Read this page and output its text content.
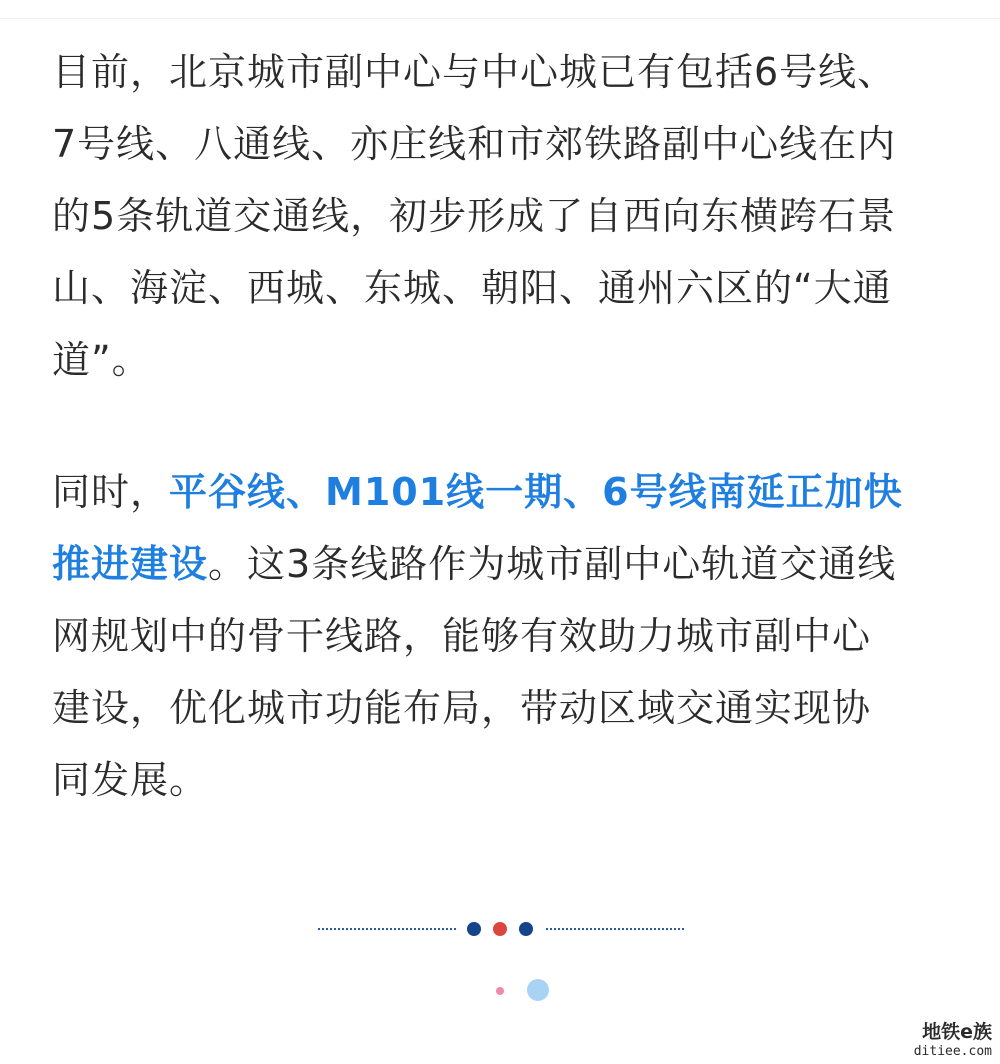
目前，北京城市副中心与中心城已有包括6号线、
7号线、八通线、亦庄线和市郊铁路副中心线在内
的5条轨道交通线，初步形成了自西向东横跨石景
山、海淀、西城、东城、朝阳、通州六区的“大通
道”。
同时，平谷线、M101线一期、6号线南延正加快
推进建设。这3条线路作为城市副中心轨道交通线
网规划中的骨干线路，能够有效助力城市副中心
建设，优化城市功能布局，带动区域交通实现协
同发展。
地铁e族
ditiee.com
